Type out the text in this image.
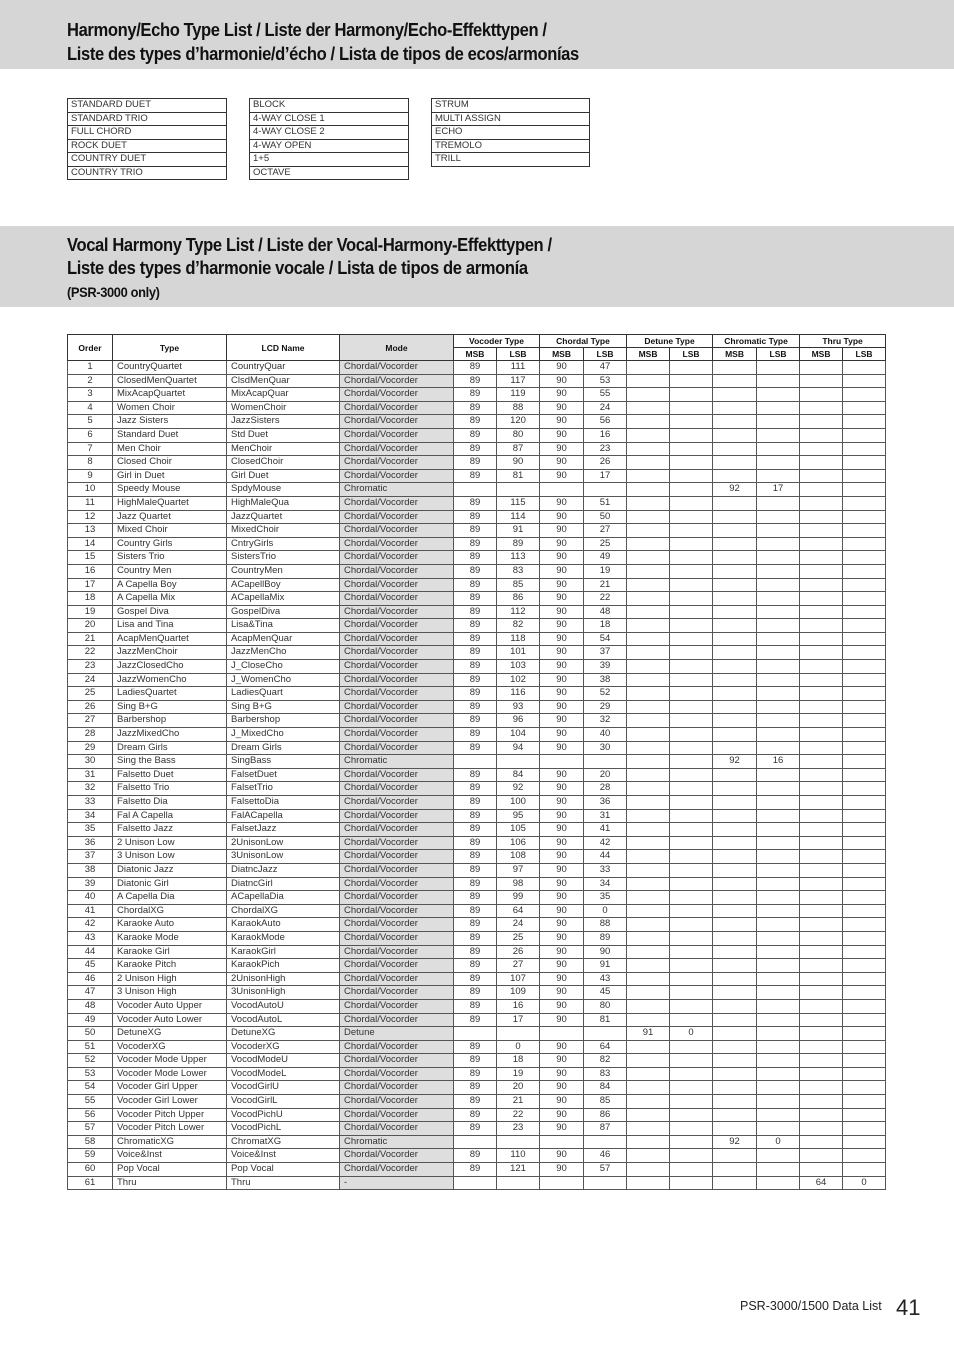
Harmony/Echo Type List / Liste der Harmony/Echo-Effekttypen /
Liste des types d’harmonie/d’écho / Lista de tipos de ecos/armonías
STANDARD DUET
STANDARD TRIO
FULL CHORD
ROCK DUET
COUNTRY DUET
COUNTRY TRIO
BLOCK
4-WAY CLOSE 1
4-WAY CLOSE 2
4-WAY OPEN
1+5
OCTAVE
STRUM
MULTI ASSIGN
ECHO
TREMOLO
TRILL
Vocal Harmony Type List / Liste der Vocal-Harmony-Effekttypen /
Liste des types d’harmonie vocale / Lista de tipos de armonía
(PSR-3000 only)
Order	Type	LCD Name	Mode	Vocoder Type		Chordal Type		Detune Type		Chromatic Type		Thru Type	
				MSB	LSB	MSB	LSB	MSB	LSB	MSB	LSB	MSB	LSB
1	CountryQuartet	CountryQuar	Chordal/Vocorder	89	111	90	47						
2	ClosedMenQuartet	ClsdMenQuar	Chordal/Vocorder	89	117	90	53						
3	MixAcapQuartet	MixAcapQuar	Chordal/Vocorder	89	119	90	55						
4	Women Choir	WomenChoir	Chordal/Vocorder	89	88	90	24						
5	Jazz Sisters	JazzSisters	Chordal/Vocorder	89	120	90	56						
6	Standard Duet	Std Duet	Chordal/Vocorder	89	80	90	16						
7	Men Choir	MenChoir	Chordal/Vocorder	89	87	90	23						
8	Closed Choir	ClosedChoir	Chordal/Vocorder	89	90	90	26						
9	Girl in Duet	Girl Duet	Chordal/Vocorder	89	81	90	17						
10	Speedy Mouse	SpdyMouse	Chromatic							92	17		
11	HighMaleQuartet	HighMaleQua	Chordal/Vocorder	89	115	90	51						
12	Jazz Quartet	JazzQuartet	Chordal/Vocorder	89	114	90	50						
13	Mixed Choir	MixedChoir	Chordal/Vocorder	89	91	90	27						
14	Country Girls	CntryGirls	Chordal/Vocorder	89	89	90	25						
15	Sisters Trio	SistersTrio	Chordal/Vocorder	89	113	90	49						
16	Country Men	CountryMen	Chordal/Vocorder	89	83	90	19						
17	A Capella Boy	ACapellBoy	Chordal/Vocorder	89	85	90	21						
18	A Capella Mix	ACapellaMix	Chordal/Vocorder	89	86	90	22						
19	Gospel Diva	GospelDiva	Chordal/Vocorder	89	112	90	48						
20	Lisa and Tina	Lisa&Tina	Chordal/Vocorder	89	82	90	18						
21	AcapMenQuartet	AcapMenQuar	Chordal/Vocorder	89	118	90	54						
22	JazzMenChoir	JazzMenCho	Chordal/Vocorder	89	101	90	37						
23	JazzClosedCho	J_CloseCho	Chordal/Vocorder	89	103	90	39						
24	JazzWomenCho	J_WomenCho	Chordal/Vocorder	89	102	90	38						
25	LadiesQuartet	LadiesQuart	Chordal/Vocorder	89	116	90	52						
26	Sing B+G	Sing B+G	Chordal/Vocorder	89	93	90	29						
27	Barbershop	Barbershop	Chordal/Vocorder	89	96	90	32						
28	JazzMixedCho	J_MixedCho	Chordal/Vocorder	89	104	90	40						
29	Dream Girls	Dream Girls	Chordal/Vocorder	89	94	90	30						
30	Sing the Bass	SingBass	Chromatic							92	16		
31	Falsetto Duet	FalsetDuet	Chordal/Vocorder	89	84	90	20						
32	Falsetto Trio	FalsetTrio	Chordal/Vocorder	89	92	90	28						
33	Falsetto Dia	FalsettoDia	Chordal/Vocorder	89	100	90	36						
34	Fal A Capella	FalACapella	Chordal/Vocorder	89	95	90	31						
35	Falsetto Jazz	FalsetJazz	Chordal/Vocorder	89	105	90	41						
36	2 Unison Low	2UnisonLow	Chordal/Vocorder	89	106	90	42						
37	3 Unison Low	3UnisonLow	Chordal/Vocorder	89	108	90	44						
38	Diatonic Jazz	DiatncJazz	Chordal/Vocorder	89	97	90	33						
39	Diatonic Girl	DiatncGirl	Chordal/Vocorder	89	98	90	34						
40	A Capella Dia	ACapellaDia	Chordal/Vocorder	89	99	90	35						
41	ChordalXG	ChordalXG	Chordal/Vocorder	89	64	90	0						
42	Karaoke Auto	KaraokAuto	Chordal/Vocorder	89	24	90	88						
43	Karaoke Mode	KaraokMode	Chordal/Vocorder	89	25	90	89						
44	Karaoke Girl	KaraokGirl	Chordal/Vocorder	89	26	90	90						
45	Karaoke Pitch	KaraokPich	Chordal/Vocorder	89	27	90	91						
46	2 Unison High	2UnisonHigh	Chordal/Vocorder	89	107	90	43						
47	3 Unison High	3UnisonHigh	Chordal/Vocorder	89	109	90	45						
48	Vocoder Auto Upper	VocodAutoU	Chordal/Vocorder	89	16	90	80						
49	Vocoder Auto Lower	VocodAutoL	Chordal/Vocorder	89	17	90	81						
50	DetuneXG	DetuneXG	Detune					91	0				
51	VocoderXG	VocoderXG	Chordal/Vocorder	89	0	90	64						
52	Vocoder Mode Upper	VocodModeU	Chordal/Vocorder	89	18	90	82						
53	Vocoder Mode Lower	VocodModeL	Chordal/Vocorder	89	19	90	83						
54	Vocoder Girl Upper	VocodGirlU	Chordal/Vocorder	89	20	90	84						
55	Vocoder Girl Lower	VocodGirlL	Chordal/Vocorder	89	21	90	85						
56	Vocoder Pitch Upper	VocodPichU	Chordal/Vocorder	89	22	90	86						
57	Vocoder Pitch Lower	VocodPichL	Chordal/Vocorder	89	23	90	87						
58	ChromaticXG	ChromatXG	Chromatic							92	0		
59	Voice&Inst	Voice&Inst	Chordal/Vocorder	89	110	90	46						
60	Pop Vocal	Pop Vocal	Chordal/Vocorder	89	121	90	57						
61	Thru	Thru	-									64	0
PSR-3000/1500 Data List 41
